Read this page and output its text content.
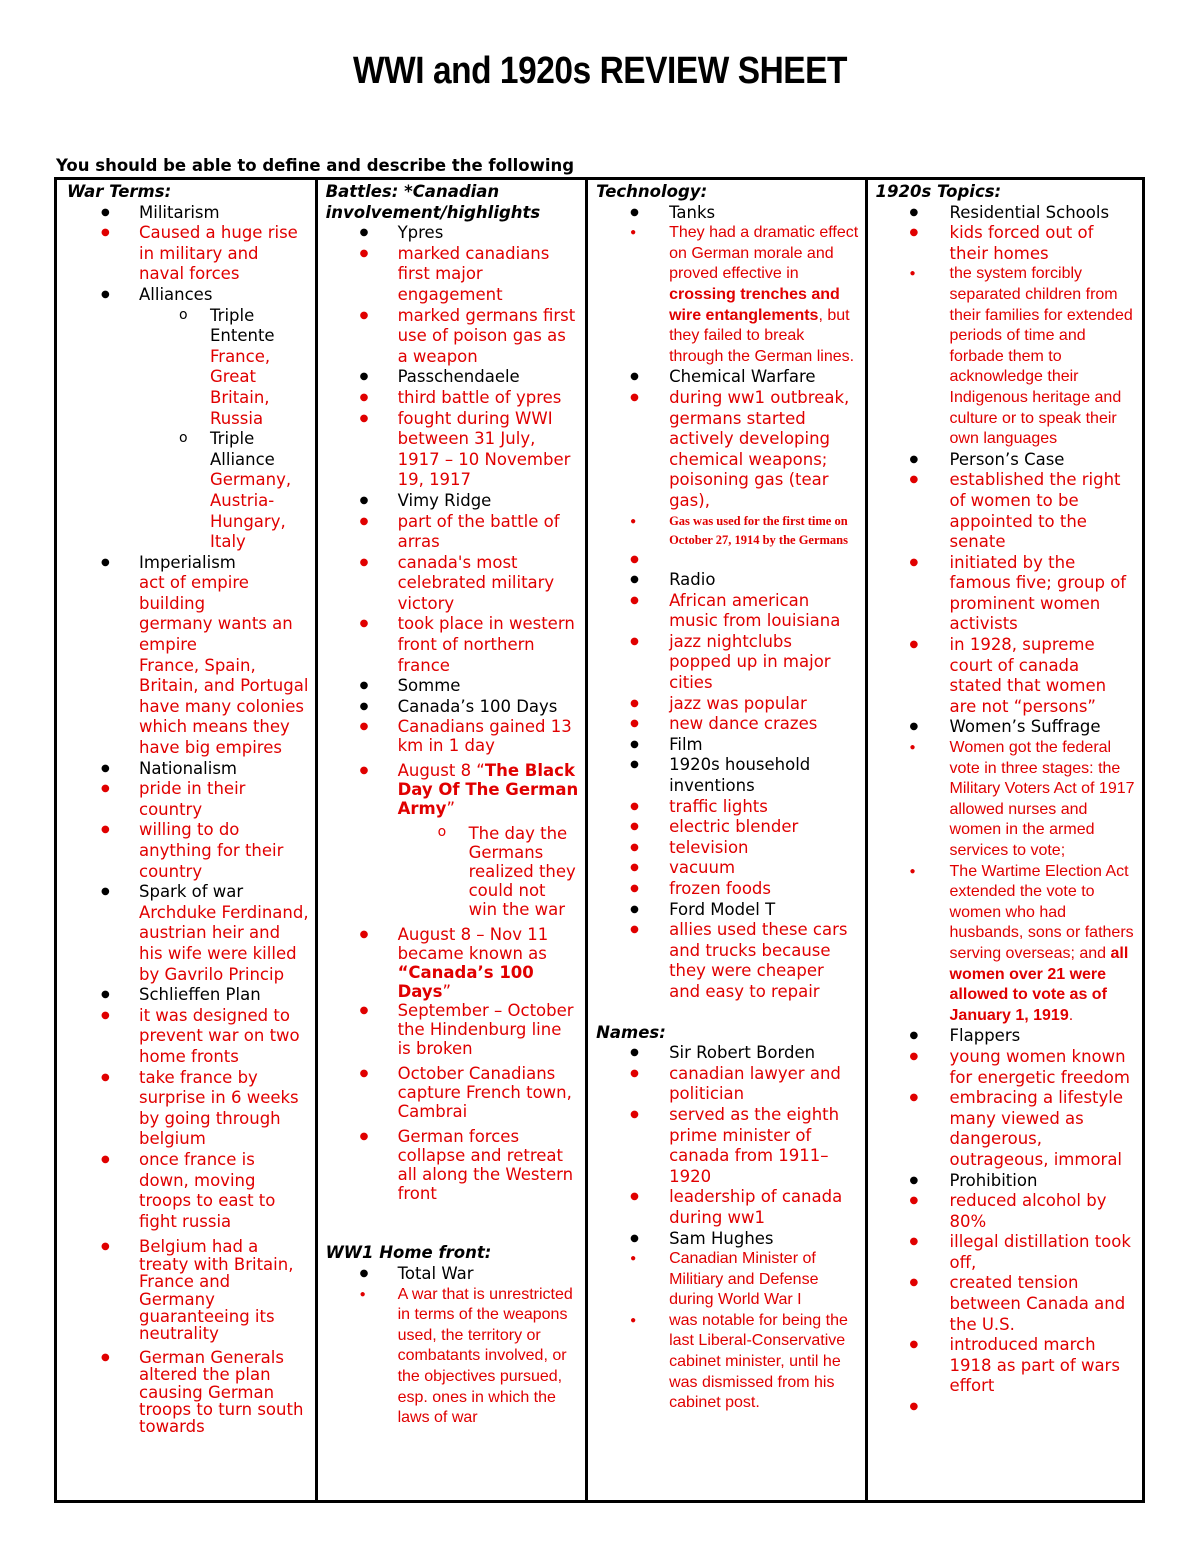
WWI and 1920s REVIEW SHEET
You should be able to define and describe the following
War Terms:
● Militarism
● Caused a huge rise in military and naval forces
● Alliances
o Triple Entente
France, Great Britain, Russia
o Triple Alliance
Germany, Austria-Hungary, Italy
● Imperialism
act of empire building
germany wants an empire
France, Spain, Britain, and Portugal have many colonies which means they have big empires
● Nationalism
● pride in their country
● willing to do anything for their country
● Spark of war
Archduke Ferdinand, austrian heir and his wife were killed by Gavrilo Princip
● Schlieffen Plan
● it was designed to prevent war on two home fronts
● take france by surprise in 6 weeks by going through belgium
● once france is down, moving troops to east to fight russia
● Belgium had a treaty with Britain, France and Germany guaranteeing its neutrality
● German Generals altered the plan causing German troops to turn south towards
Battles: *Canadian involvement/highlights
● Ypres
● marked canadians first major engagement
● marked germans first use of poison gas as a weapon
● Passchendaele
● third battle of ypres
● fought during WWI between 31 July, 1917 – 10 November 19, 1917
● Vimy Ridge
● part of the battle of arras
● canada's most celebrated military victory
● took place in western front of northern france
● Somme
● Canada’s 100 Days
● Canadians gained 13 km in 1 day
● August 8 “The Black Day Of The German Army”
o The day the Germans realized they could not win the war
● August 8 – Nov 11 became known as “Canada’s 100 Days”
● September – October the Hindenburg line is broken
● October Canadians capture French town, Cambrai
● German forces collapse and retreat all along the Western front
WW1 Home front:
● Total War
● A war that is unrestricted in terms of the weapons used, the territory or combatants involved, or the objectives pursued, esp. ones in which the laws of war
Technology:
● Tanks
● They had a dramatic effect on German morale and proved effective in crossing trenches and wire entanglements, but they failed to break through the German lines.
● Chemical Warfare
● during ww1 outbreak, germans started actively developing chemical weapons; poisoning gas (tear gas),
● Gas was used for the first time on October 27, 1914 by the Germans
●
● Radio
● African american music from louisiana
● jazz nightclubs popped up in major cities
● jazz was popular
● new dance crazes
● Film
● 1920s household inventions
● traffic lights
● electric blender
● television
● vacuum
● frozen foods
● Ford Model T
● allies used these cars and trucks because they were cheaper and easy to repair
Names:
● Sir Robert Borden
● canadian lawyer and politician
● served as the eighth prime minister of canada from 1911–1920
● leadership of canada during ww1
● Sam Hughes
● Canadian Minister of Militiary and Defense during World War I
● was notable for being the last Liberal-Conservative cabinet minister, until he was dismissed from his cabinet post.
1920s Topics:
● Residential Schools
● kids forced out of their homes
● the system forcibly separated children from their families for extended periods of time and forbade them to acknowledge their Indigenous heritage and culture or to speak their own languages
● Person’s Case
● established the right of women to be appointed to the senate
● initiated by the famous five; group of prominent women activists
● in 1928, supreme court of canada stated that women are not “persons”
● Women’s Suffrage
● Women got the federal vote in three stages: the Military Voters Act of 1917 allowed nurses and women in the armed services to vote;
● The Wartime Election Act extended the vote to women who had husbands, sons or fathers serving overseas; and all women over 21 were allowed to vote as of January 1, 1919.
● Flappers
● young women known for energetic freedom
● embracing a lifestyle many viewed as dangerous, outrageous, immoral
● Prohibition
● reduced alcohol by 80%
● illegal distillation took off,
● created tension between Canada and the U.S.
● introduced march 1918 as part of wars effort
●
